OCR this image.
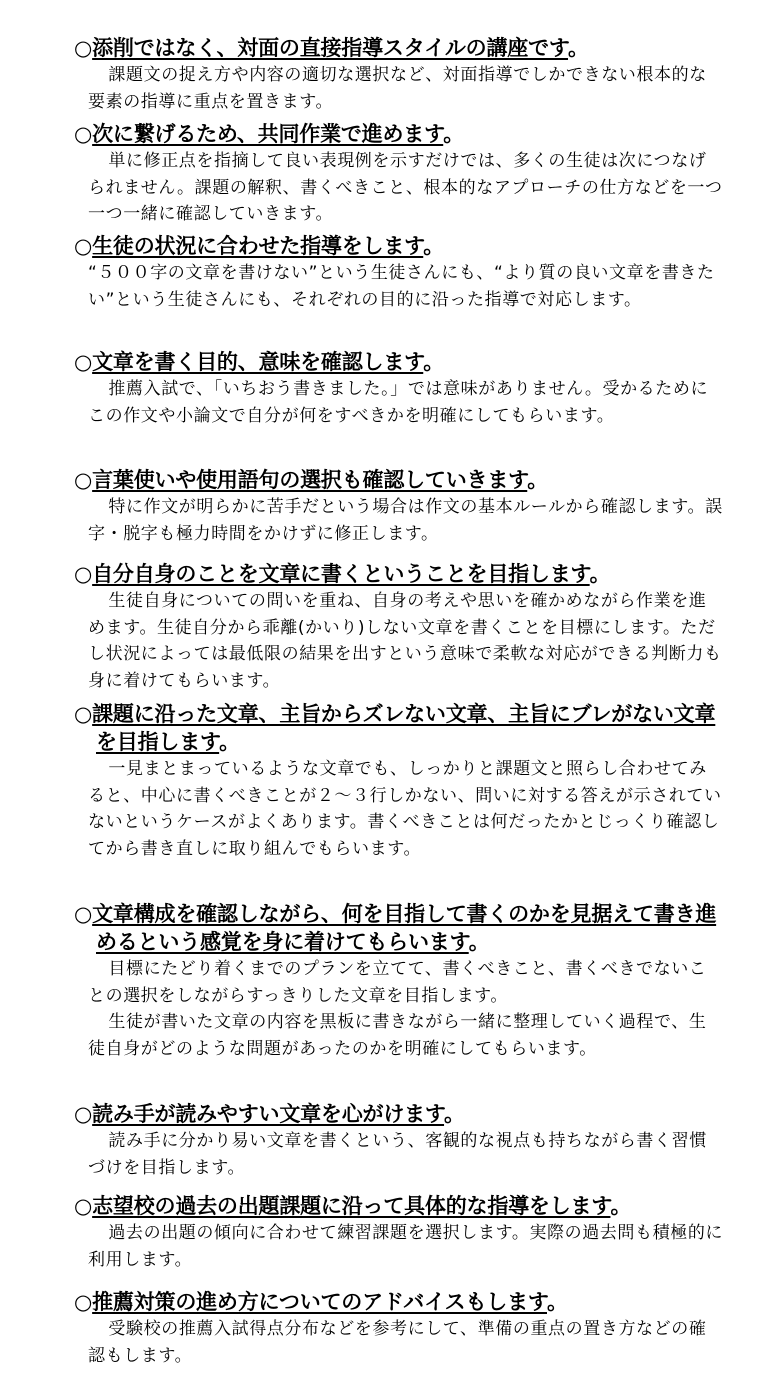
○添削ではなく、対面の直接指導スタイルの講座です。

課題文の捉え方や内容の適切な選択など、対面指導でしかできない根本的な要素の指導に重点を置きます。

○次に繋げるため、共同作業で進めます。

単に修正点を指摘して良い表現例を示すだけでは、多くの生徒は次につなげられません。課題の解釈、書くべきこと、根本的なアプローチの仕方などを一つ一つ一緒に確認していきます。

○生徒の状況に合わせた指導をします。

“５００字の文章を書けない”という生徒さんにも、“より質の良い文章を書きたい”という生徒さんにも、それぞれの目的に沿った指導で対応します。

○文章を書く目的、意味を確認します。

推薦入試で、「いちおう書きました。」では意味がありません。受かるためにこの作文や小論文で自分が何をすべきかを明確にしてもらいます。

○言葉使いや使用語句の選択も確認していきます。

特に作文が明らかに苦手だという場合は作文の基本ルールから確認します。誤字・脱字も極力時間をかけずに修正します。

○自分自身のことを文章に書くということを目指します。

生徒自身についての問いを重ね、自身の考えや思いを確かめながら作業を進めます。生徒自分から乖離(かいり)しない文章を書くことを目標にします。ただし状況によっては最低限の結果を出すという意味で柔軟な対応ができる判断力も身に着けてもらいます。

○課題に沿った文章、主旨からズレない文章、主旨にブレがない文章を目指します。

一見まとまっているような文章でも、しっかりと課題文と照らし合わせてみると、中心に書くべきことが２～３行しかない、問いに対する答えが示されていないというケースがよくあります。書くべきことは何だったかとじっくり確認してから書き直しに取り組んでもらいます。

○文章構成を確認しながら、何を目指して書くのかを見据えて書き進めるという感覚を身に着けてもらいます。

目標にたどり着くまでのプランを立てて、書くべきこと、書くべきでないことの選択をしながらすっきりした文章を目指します。

生徒が書いた文章の内容を黒板に書きながら一緒に整理していく過程で、生徒自身がどのような問題があったのかを明確にしてもらいます。

○読み手が読みやすい文章を心がけます。

読み手に分かり易い文章を書くという、客観的な視点も持ちながら書く習慣づけを目指します。

○志望校の過去の出題課題に沿って具体的な指導をします。

過去の出題の傾向に合わせて練習課題を選択します。実際の過去問も積極的に利用します。

○推薦対策の進め方についてのアドバイスもします。

受験校の推薦入試得点分布などを参考にして、準備の重点の置き方などの確認もします。
